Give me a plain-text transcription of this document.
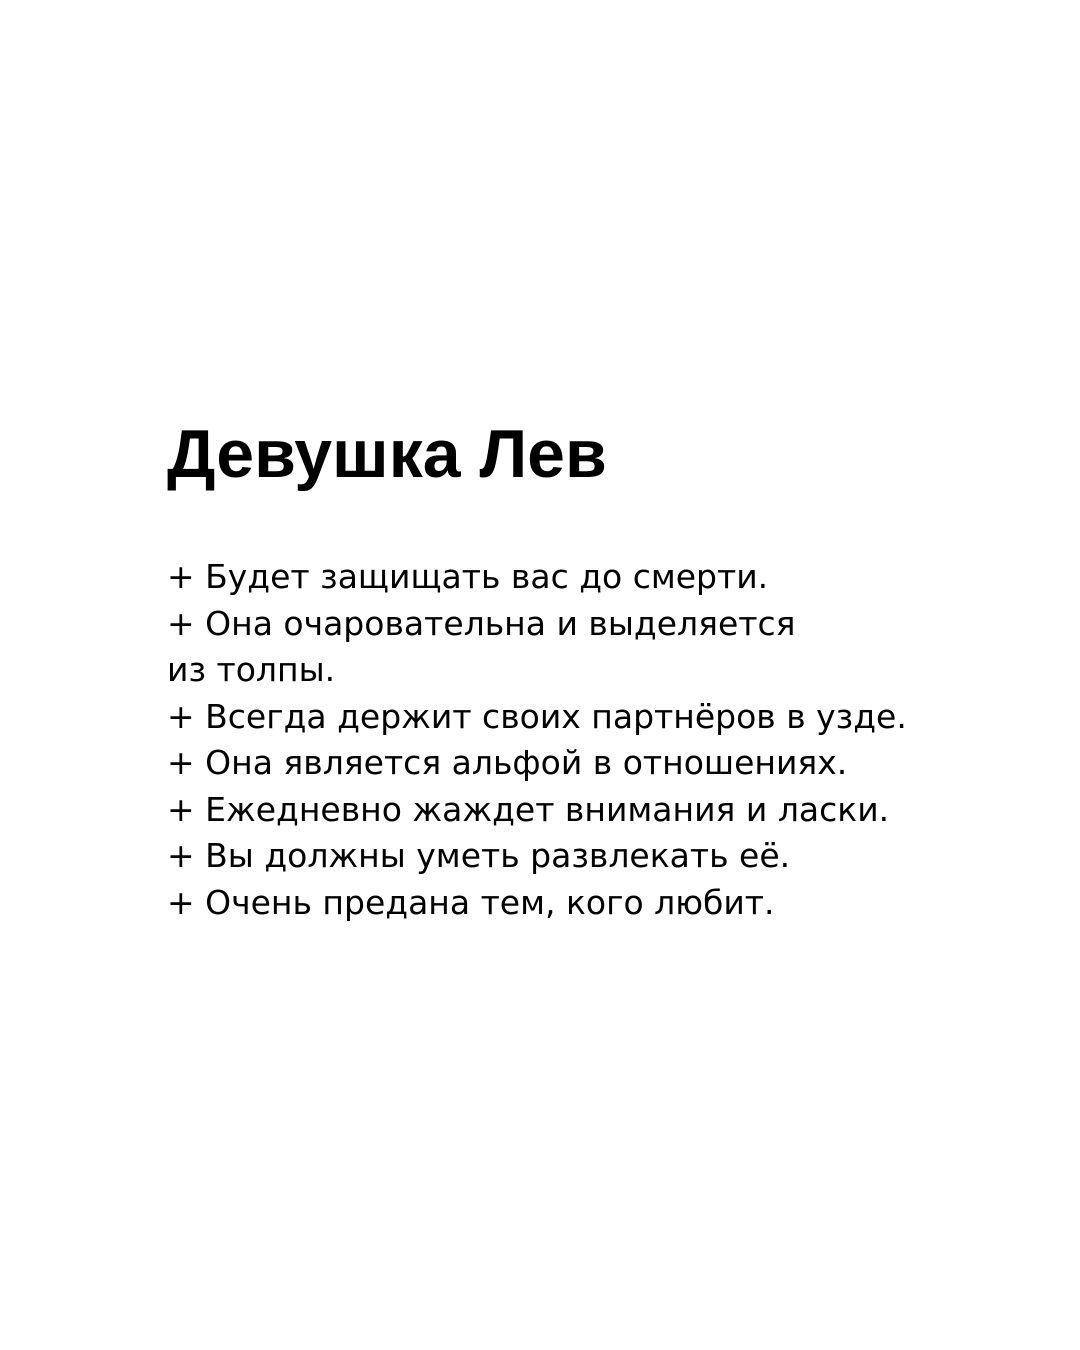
Девушка Лев
+ Будет защищать вас до смерти.
+ Она очаровательна и выделяется
из толпы.
+ Всегда держит своих партнёров в узде.
+ Она является альфой в отношениях.
+ Ежедневно жаждет внимания и ласки.
+ Вы должны уметь развлекать её.
+ Очень предана тем, кого любит.
